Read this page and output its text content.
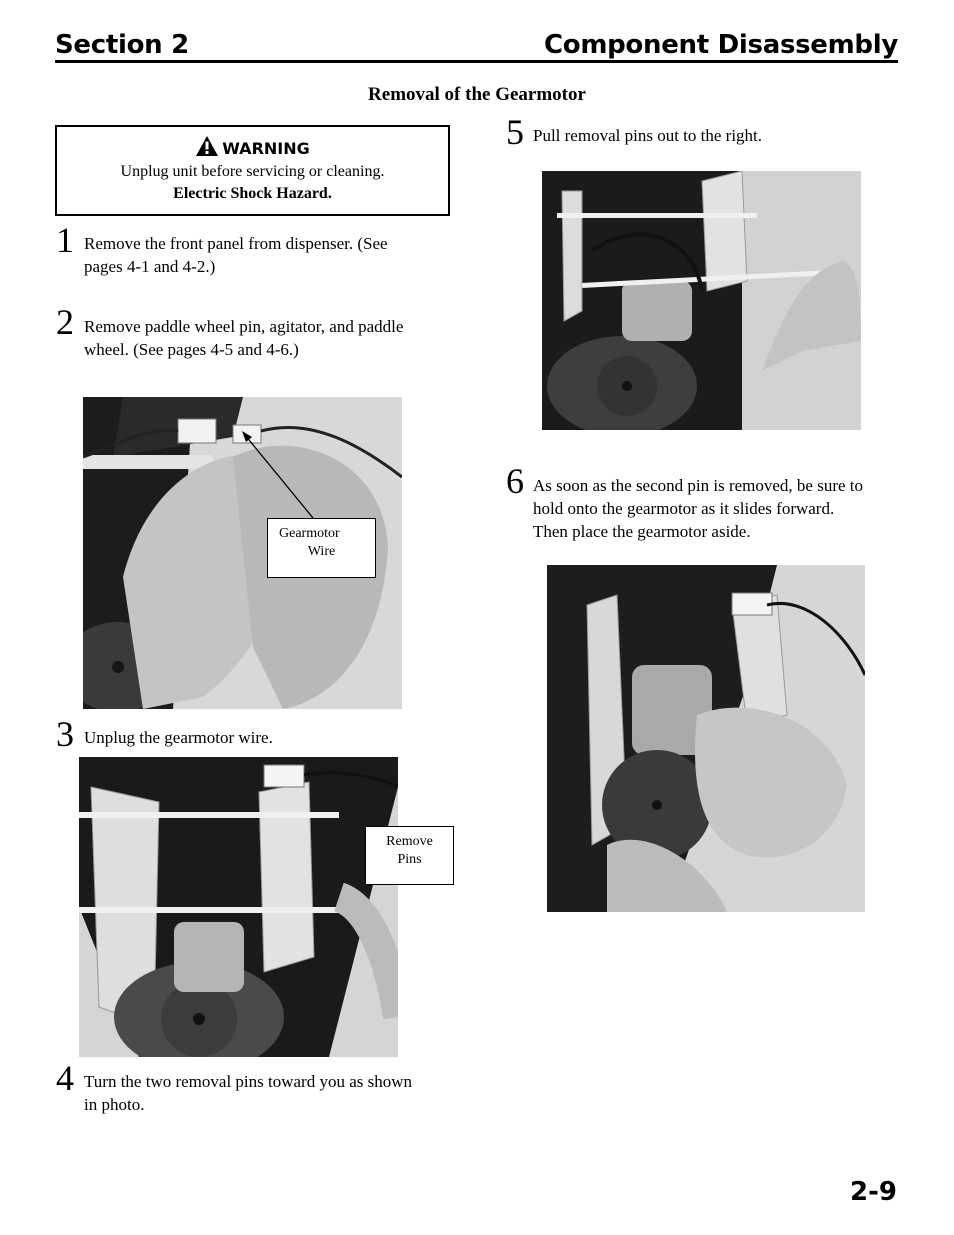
Section 2	Component Disassembly
Removal of the Gearmotor
WARNING
Unplug unit before servicing or cleaning.
Electric Shock Hazard.
1 Remove the front panel from dispenser. (See
pages 4-1 and 4-2.)
2 Remove paddle wheel pin, agitator, and paddle
wheel. (See pages 4-5 and 4-6.)
Gearmotor
Wire
3 Unplug the gearmotor wire.
Remove
Pins
4 Turn the two removal pins toward you as shown
in photo.
5 Pull removal pins out to the right.
6 As soon as the second pin is removed, be sure to
hold onto the gearmotor as it slides forward.
Then place the gearmotor aside.
2-9
